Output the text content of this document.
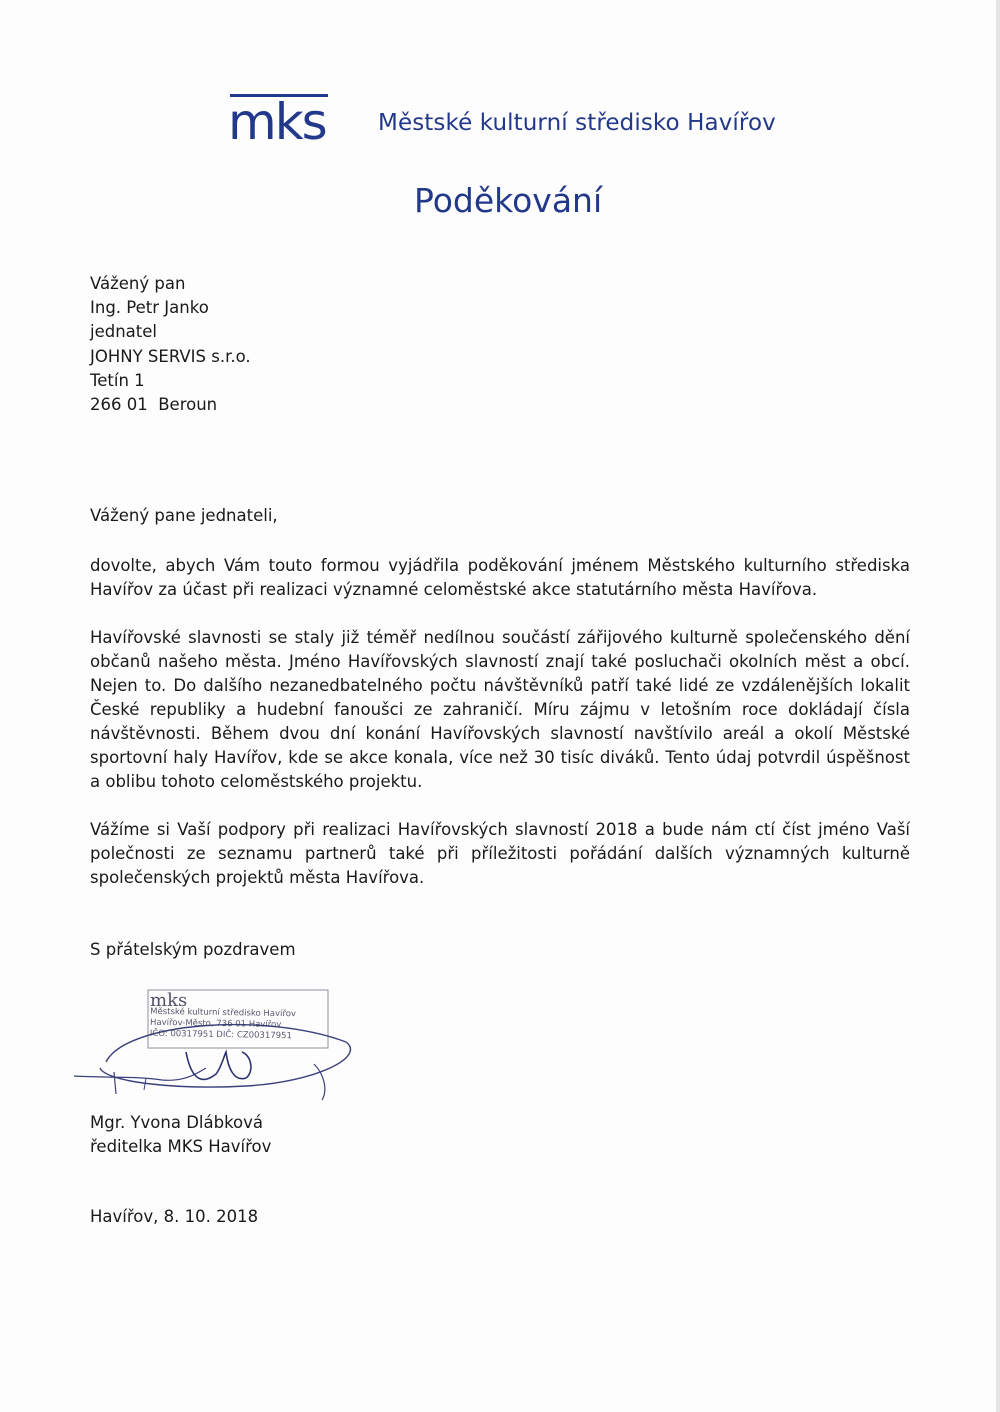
mks Městské kulturní středisko Havířov
Poděkování
Vážený pan
Ing. Petr Janko
jednatel
JOHNY SERVIS s.r.o.
Tetín 1
266 01  Beroun
Vážený pane jednateli,
dovolte, abych Vám touto formou vyjádřila poděkování jménem Městského kulturního střediska Havířov za účast při realizaci významné celoměstské akce statutárního města Havířova.
Havířovské slavnosti se staly již téměř nedílnou součástí zářijového kulturně společenského dění občanů našeho města. Jméno Havířovských slavností znají také posluchači okolních měst a obcí. Nejen to. Do dalšího nezanedbatelného počtu návštěvníků patří také lidé ze vzdálenějších lokalit České republiky a hudební fanoušci ze zahraničí. Míru zájmu v letošním roce dokládají čísla návštěvnosti. Během dvou dní konání Havířovských slavností navštívilo areál a okolí Městské sportovní haly Havířov, kde se akce konala, více než 30 tisíc diváků. Tento údaj potvrdil úspěšnost a oblibu tohoto celoměstského projektu.
Vážíme si Vaší podpory při realizaci Havířovských slavností 2018 a bude nám ctí číst jméno Vaší polečnosti ze seznamu partnerů také při příležitosti pořádání dalších významných kulturně společenských projektů města Havířova.
S přátelským pozdravem
mks
Městské kulturní středisko Havířov
Havířov-Město, 736 01 Havířov
IČO: 00317951 DIČ: CZ00317951
Mgr. Yvona Dlábková
ředitelka MKS Havířov
Havířov, 8. 10. 2018
